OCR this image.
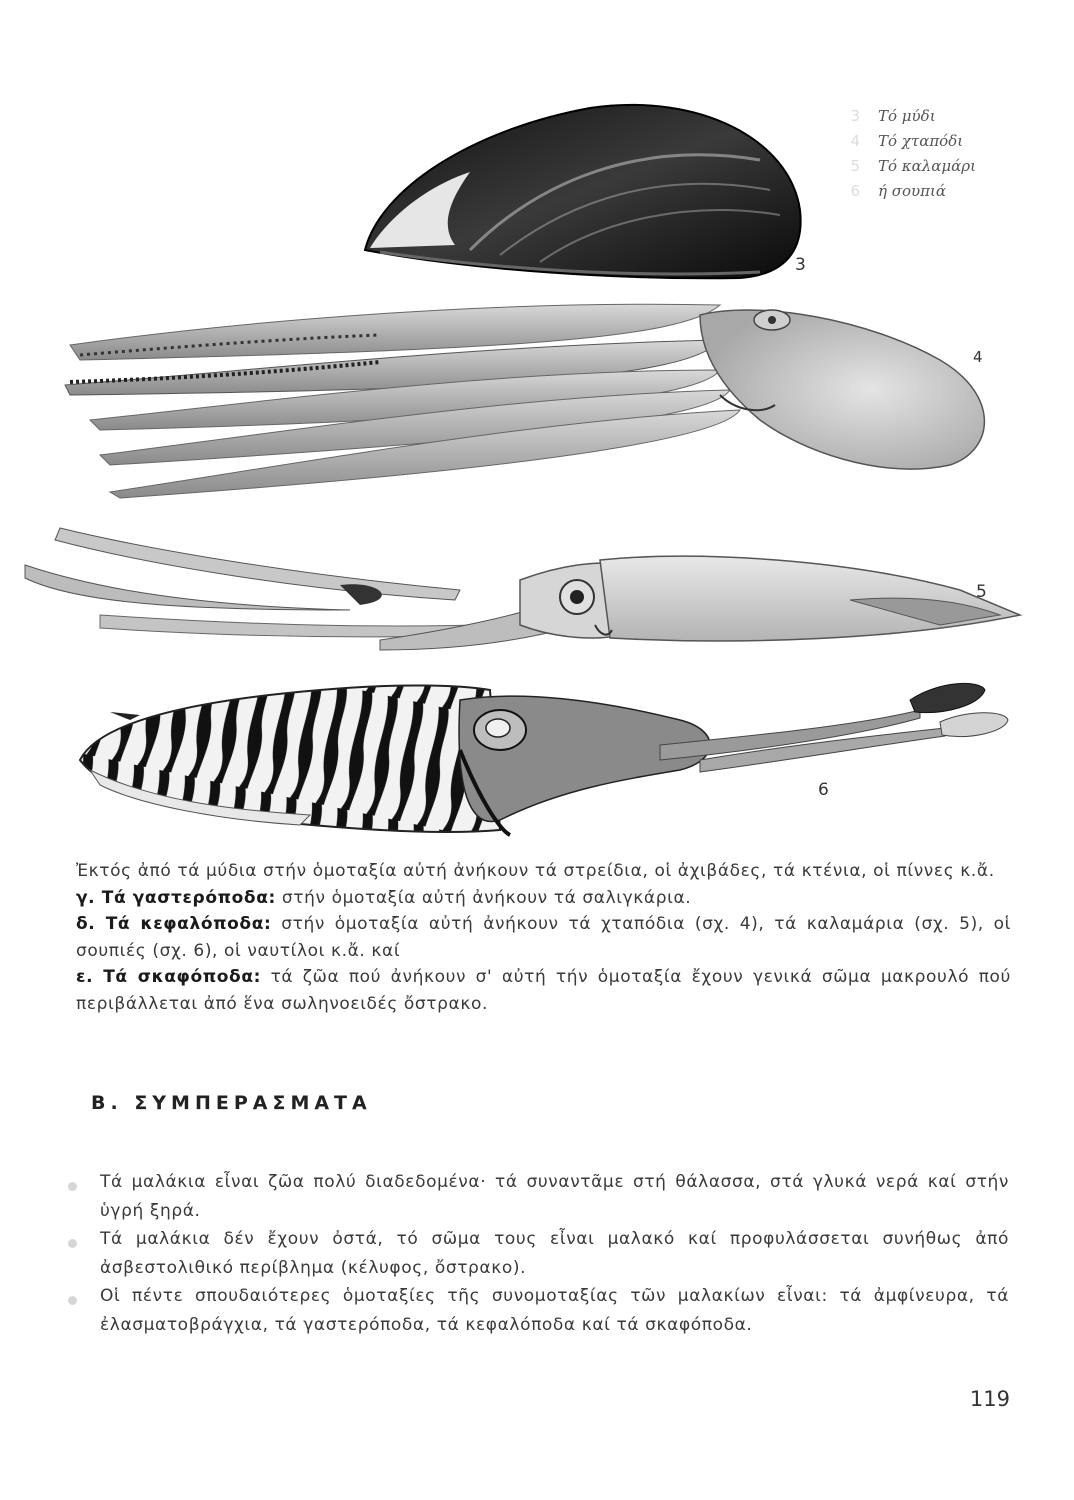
3 Τό μύδι
4 Τό χταπόδι
5 Τό καλαμάρι
6 ή σουπιά
3
4
5
6

Ἐκτός ἀπό τά μύδια στήν ὁμοταξία αὐτή ἀνήκουν τά στρείδια, οἱ ἀχιβάδες, τά κτένια, οἱ πίννες κ.ἄ.

γ. Τά γαστερόποδα: στήν ὁμοταξία αὐτή ἀνήκουν τά σαλιγκάρια.

δ. Τά κεφαλόποδα: στήν ὁμοταξία αὐτή ἀνήκουν τά χταπόδια (σχ. 4), τά καλαμάρια (σχ. 5), οἱ σουπιές (σχ. 6), οἱ ναυτίλοι κ.ἄ. καί

ε. Τά σκαφόποδα: τά ζῶα πού ἀνήκουν σ' αὐτή τήν ὁμοταξία ἔχουν γενικά σῶμα μακρουλό πού περιβάλλεται ἀπό ἕνα σωληνοειδές ὄστρακο.

Β. ΣΥΜΠΕΡΑΣΜΑΤΑ

Τά μαλάκια εἶναι ζῶα πολύ διαδεδομένα· τά συναντᾶμε στή θάλασσα, στά γλυκά νερά καί στήν ὑγρή ξηρά.

Τά μαλάκια δέν ἔχουν ὀστά, τό σῶμα τους εἶναι μαλακό καί προφυλάσσεται συνήθως ἀπό ἀσβεστολιθικό περίβλημα (κέλυφος, ὄστρακο).

Οἱ πέντε σπουδαιότερες ὁμοταξίες τῆς συνομοταξίας τῶν μαλακίων εἶναι: τά ἀμφίνευρα, τά ἐλασματοβράγχια, τά γαστερόποδα, τά κεφαλόποδα καί τά σκαφόποδα.

119
